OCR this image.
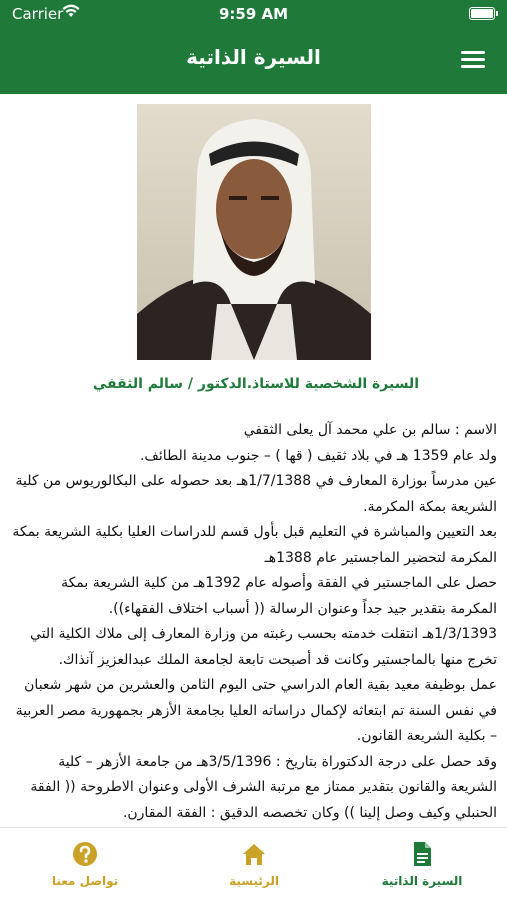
Carrier	9:59 AM
السيرة الذاتية
السيرة الشخصية للاستاذ.الدكتور / سالم الثقفي

الاسم : سالم بن علي محمد آل يعلى الثقفي

ولد عام 1359 هـ في بلاد ثقيف ( قها ) – جنوب مدينة الطائف.

عين مدرساً بوزارة المعارف في 1/7/1388هـ بعد حصوله على البكالوريوس من كلية الشريعة بمكة المكرمة.

بعد التعيين والمباشرة في التعليم قبل بأول قسم للدراسات العليا بكلية الشريعة بمكة المكرمة لتحضير الماجستير عام 1388هـ

حصل على الماجستير في الفقة وأصوله عام 1392هـ من كلية الشريعة بمكة المكرمة بتقدير جيد جداً وعنوان الرسالة (( أسباب اختلاف الفقهاء)).

1/3/1393هـ انتقلت خدمته بحسب رغبته من وزارة المعارف إلى ملاك الكلية التي تخرج منها بالماجستير وكانت قد أصبحت تابعة لجامعة الملك عبدالعزيز آنذاك.

عمل بوظيفة معيد بقية العام الدراسي حتى اليوم الثامن والعشرين من شهر شعبان في نفس السنة تم ابتعاثه لإكمال دراساته العليا بجامعة الأزهر بجمهورية مصر العربية – بكلية الشريعة القانون.

وقد حصل على درجة الدكتوراة بتاريخ : 3/5/1396هـ من جامعة الأزهر – كلية الشريعة والقانون بتقدير ممتاز مع مرتبة الشرف الأولى وعنوان الاطروحة (( الفقة الحنبلي وكيف وصل إلينا )) وكان تخصصه الدقيق : الفقة المقارن.

تواصل معنا	الرئيسية	السيرة الذاتية
